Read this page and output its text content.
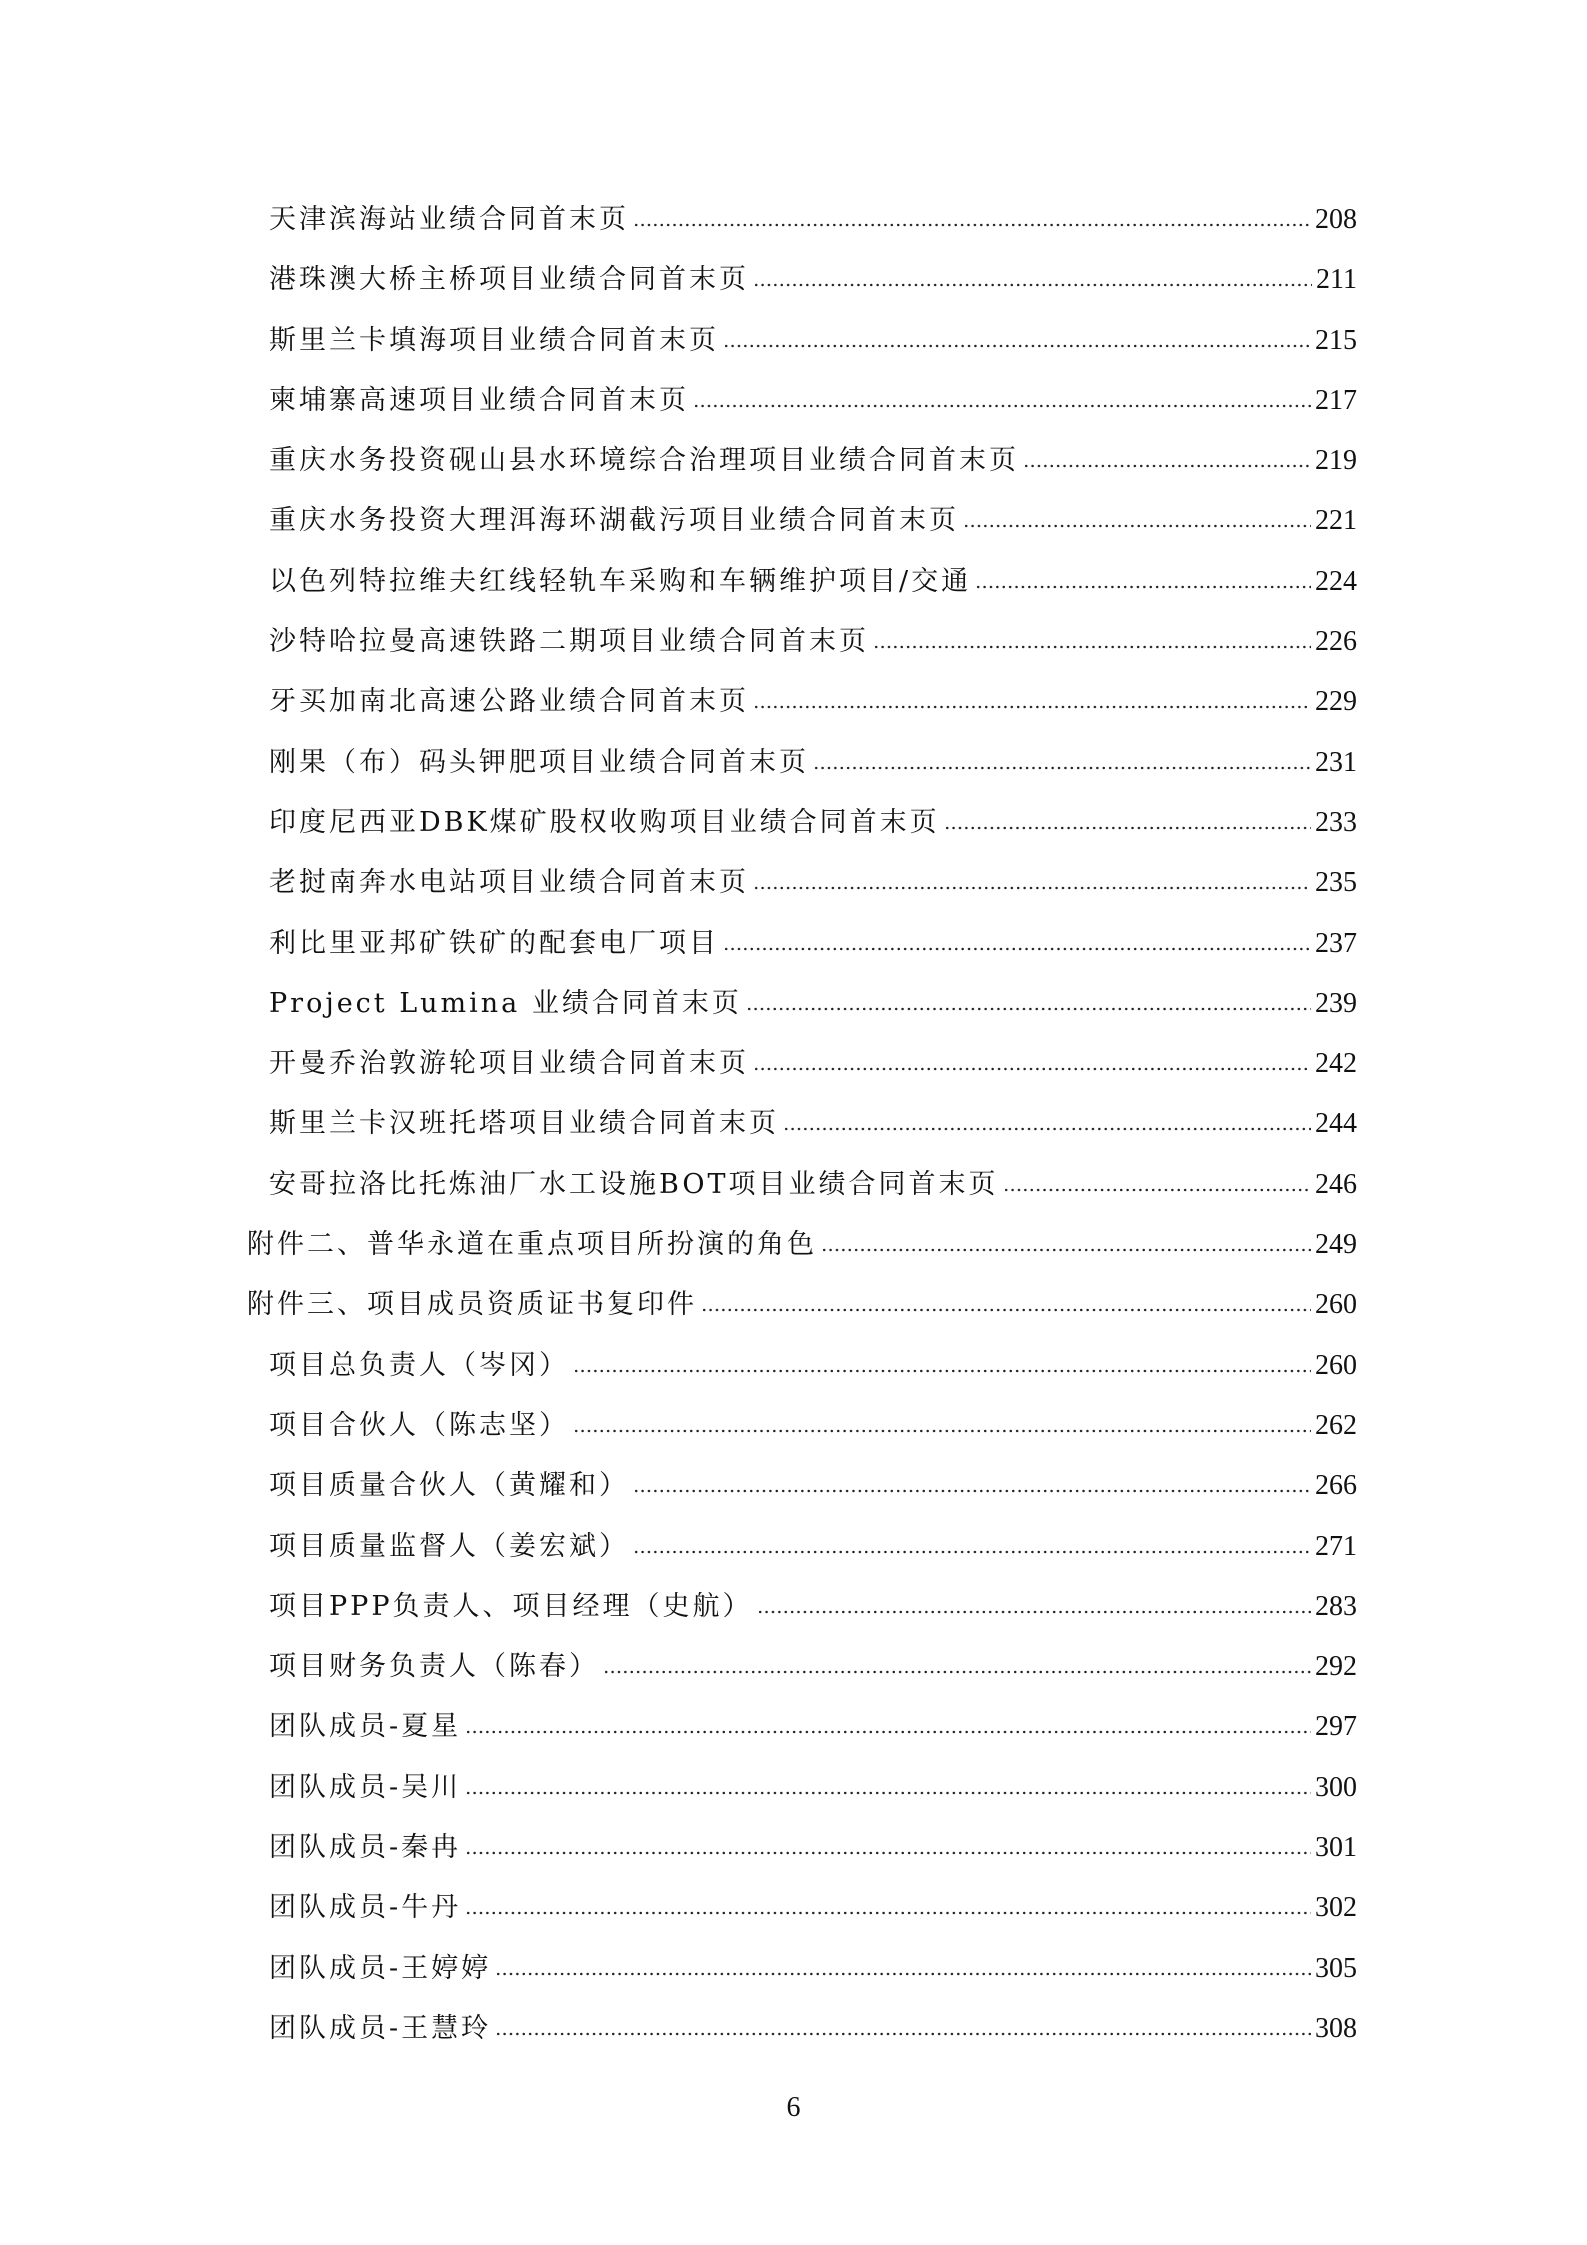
天津滨海站业绩合同首末页	208
港珠澳大桥主桥项目业绩合同首末页	211
斯里兰卡填海项目业绩合同首末页	215
柬埔寨高速项目业绩合同首末页	217
重庆水务投资砚山县水环境综合治理项目业绩合同首末页	219
重庆水务投资大理洱海环湖截污项目业绩合同首末页	221
以色列特拉维夫红线轻轨车采购和车辆维护项目/交通	224
沙特哈拉曼高速铁路二期项目业绩合同首末页	226
牙买加南北高速公路业绩合同首末页	229
刚果（布）码头钾肥项目业绩合同首末页	231
印度尼西亚DBK煤矿股权收购项目业绩合同首末页	233
老挝南奔水电站项目业绩合同首末页	235
利比里亚邦矿铁矿的配套电厂项目	237
Project Lumina 业绩合同首末页	239
开曼乔治敦游轮项目业绩合同首末页	242
斯里兰卡汉班托塔项目业绩合同首末页	244
安哥拉洛比托炼油厂水工设施BOT项目业绩合同首末页	246
附件二、普华永道在重点项目所扮演的角色	249
附件三、项目成员资质证书复印件	260
项目总负责人（岑冈）	260
项目合伙人（陈志坚）	262
项目质量合伙人（黄耀和）	266
项目质量监督人（姜宏斌）	271
项目PPP负责人、项目经理（史航）	283
项目财务负责人（陈春）	292
团队成员-夏星	297
团队成员-吴川	300
团队成员-秦冉	301
团队成员-牛丹	302
团队成员-王婷婷	305
团队成员-王慧玲	308
6
